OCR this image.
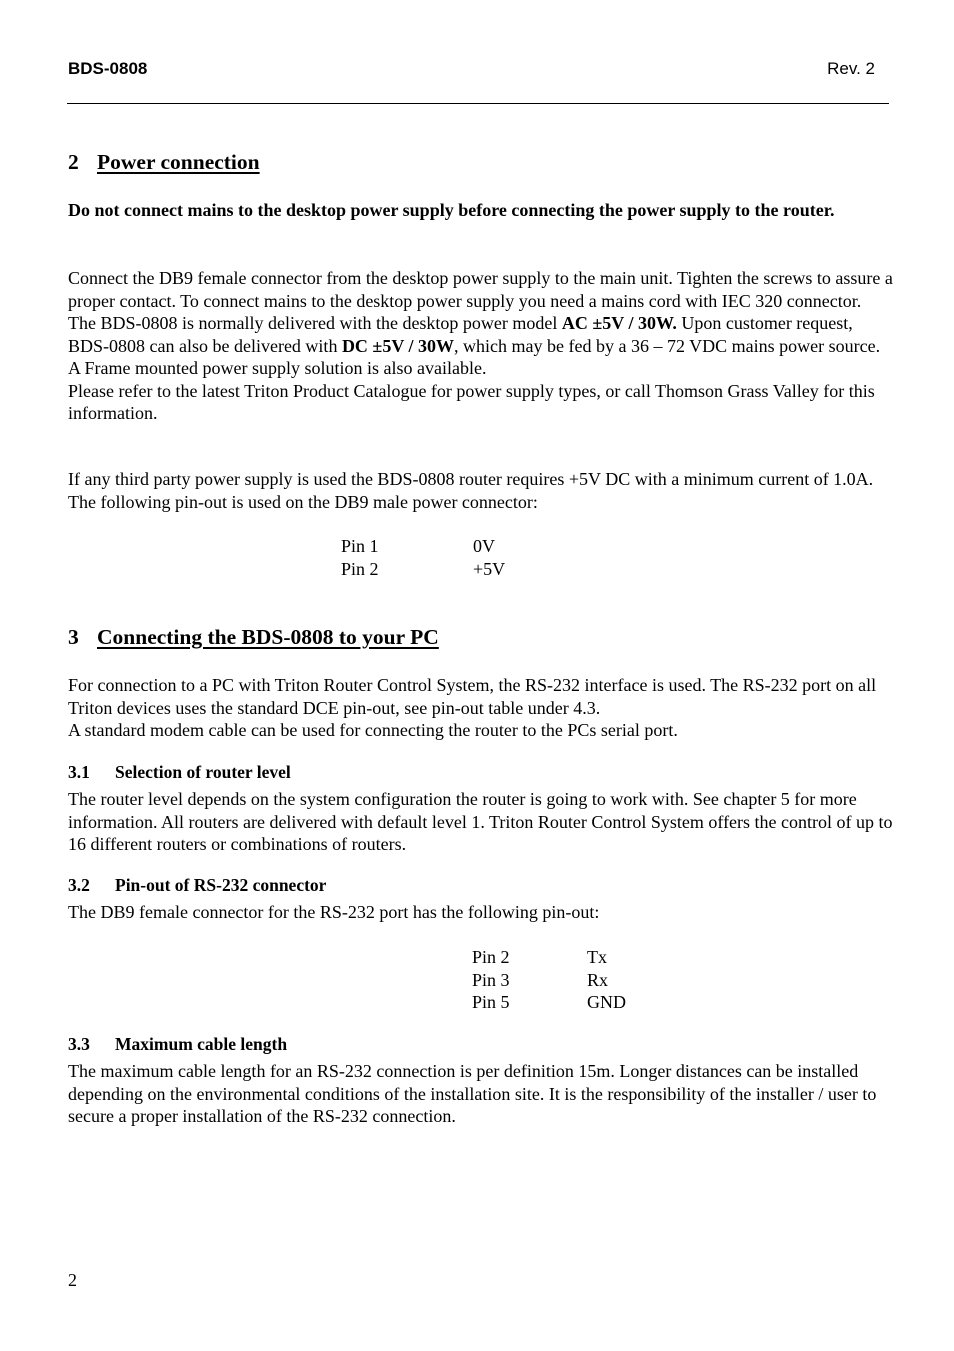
BDS-0808	Rev. 2
2 Power connection
Do not connect mains to the desktop power supply before connecting the power supply to the router.

Connect the DB9 female connector from the desktop power supply to the main unit. Tighten the screws to assure a proper contact. To connect mains to the desktop power supply you need a mains cord with IEC 320 connector.

The BDS-0808 is normally delivered with the desktop power model AC ±5V / 30W. Upon customer request, BDS-0808 can also be delivered with DC ±5V / 30W, which may be fed by a 36 – 72 VDC mains power source. A Frame mounted power supply solution is also available.

Please refer to the latest Triton Product Catalogue for power supply types, or call Thomson Grass Valley for this information.

If any third party power supply is used the BDS-0808 router requires +5V DC with a minimum current of 1.0A. The following pin-out is used on the DB9 male power connector:
Pin 1	0V
Pin 2	+5V
3 Connecting the BDS-0808 to your PC

For connection to a PC with Triton Router Control System, the RS-232 interface is used. The RS-232 port on all Triton devices uses the standard DCE pin-out, see pin-out table under 4.3.

A standard modem cable can be used for connecting the router to the PCs serial port.

3.1 Selection of router level
The router level depends on the system configuration the router is going to work with. See chapter 5 for more information. All routers are delivered with default level 1. Triton Router Control System offers the control of up to 16 different routers or combinations of routers.
3.2 Pin-out of RS-232 connector
The DB9 female connector for the RS-232 port has the following pin-out:
Pin 2	Tx
Pin 3	Rx
Pin 5	GND
3.3 Maximum cable length
The maximum cable length for an RS-232 connection is per definition 15m. Longer distances can be installed depending on the environmental conditions of the installation site. It is the responsibility of the installer / user to secure a proper installation of the RS-232 connection.
2
